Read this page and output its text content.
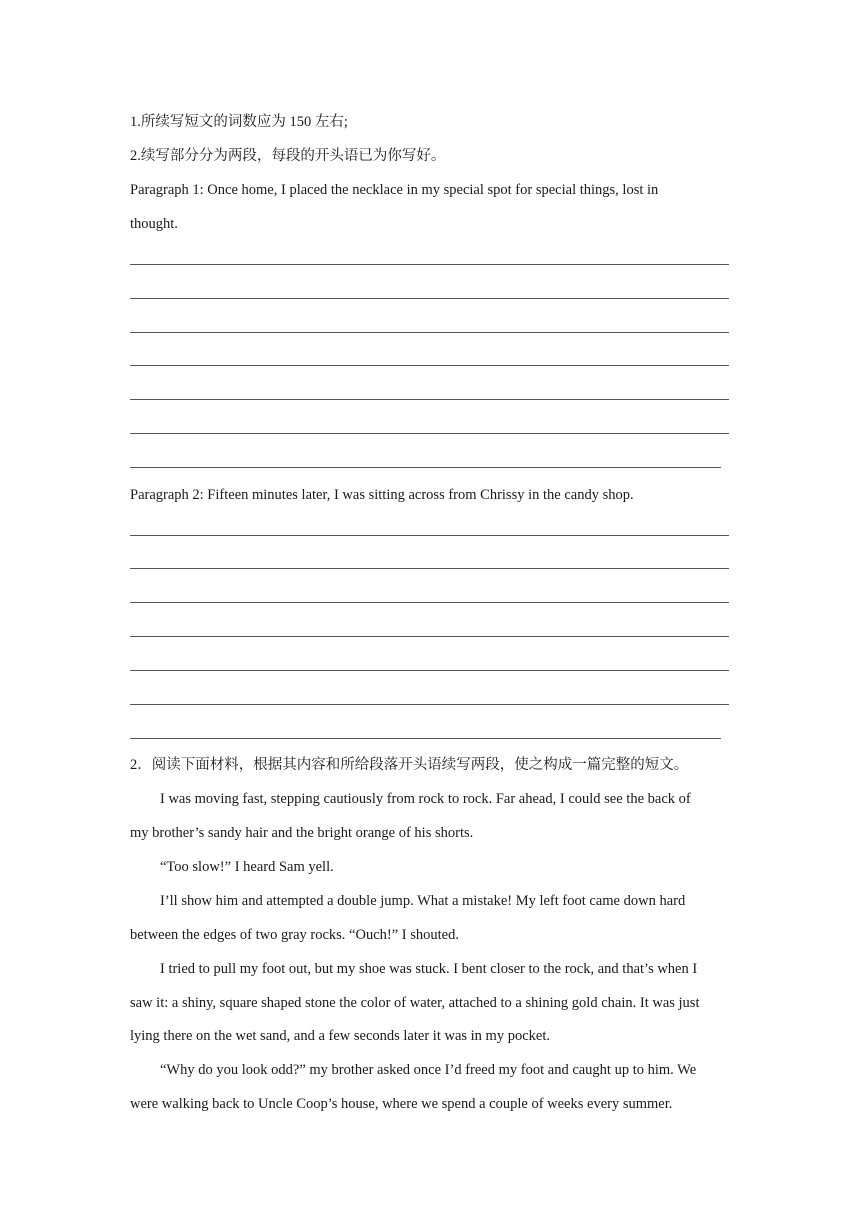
1.所续写短文的词数应为 150 左右;
2.续写部分分为两段，每段的开头语已为你写好。
Paragraph 1: Once home, I placed the necklace in my special spot for special things, lost in
thought.
Paragraph 2: Fifteen minutes later, I was sitting across from Chrissy in the candy shop.
2．阅读下面材料，根据其内容和所给段落开头语续写两段，使之构成一篇完整的短文。
I was moving fast, stepping cautiously from rock to rock. Far ahead, I could see the back of
my brother’s sandy hair and the bright orange of his shorts.
“Too slow!” I heard Sam yell.
I’ll show him and attempted a double jump. What a mistake! My left foot came down hard
between the edges of two gray rocks. “Ouch!” I shouted.
I tried to pull my foot out, but my shoe was stuck. I bent closer to the rock, and that’s when I
saw it: a shiny, square shaped stone the color of water, attached to a shining gold chain. It was just
lying there on the wet sand, and a few seconds later it was in my pocket.
“Why do you look odd?” my brother asked once I’d freed my foot and caught up to him. We
were walking back to Uncle Coop’s house, where we spend a couple of weeks every summer.
